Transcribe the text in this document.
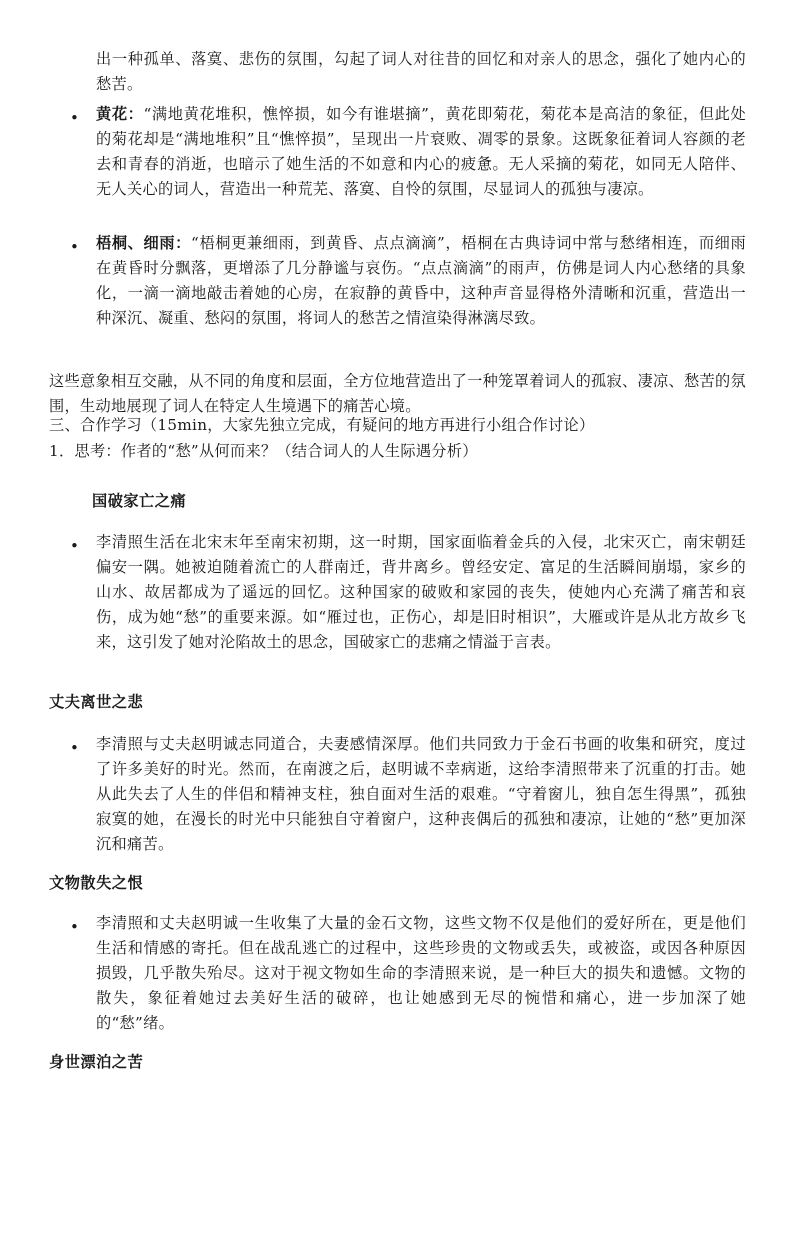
出一种孤单、落寞、悲伤的氛围，勾起了词人对往昔的回忆和对亲人的思念，强化了她内心的愁苦。
• 黄花：“满地黄花堆积，憔悴损，如今有谁堪摘”，黄花即菊花，菊花本是高洁的象征，但此处的菊花却是“满地堆积”且“憔悴损”，呈现出一片衰败、凋零的景象。这既象征着词人容颜的老去和青春的消逝，也暗示了她生活的不如意和内心的疲惫。无人采摘的菊花，如同无人陪伴、无人关心的词人，营造出一种荒芜、落寞、自怜的氛围，尽显词人的孤独与凄凉。
• 梧桐、细雨：“梧桐更兼细雨，到黄昏、点点滴滴”，梧桐在古典诗词中常与愁绪相连，而细雨在黄昏时分飘落，更增添了几分静谧与哀伤。“点点滴滴”的雨声，仿佛是词人内心愁绪的具象化，一滴一滴地敲击着她的心房，在寂静的黄昏中，这种声音显得格外清晰和沉重，营造出一种深沉、凝重、愁闷的氛围，将词人的愁苦之情渲染得淋漓尽致。
这些意象相互交融，从不同的角度和层面，全方位地营造出了一种笼罩着词人的孤寂、凄凉、愁苦的氛围，生动地展现了词人在特定人生境遇下的痛苦心境。
三、合作学习（15min，大家先独立完成，有疑问的地方再进行小组合作讨论）
1．思考：作者的“愁”从何而来？（结合词人的人生际遇分析）
国破家亡之痛
• 李清照生活在北宋末年至南宋初期，这一时期，国家面临着金兵的入侵，北宋灭亡，南宋朝廷偏安一隅。她被迫随着流亡的人群南迁，背井离乡。曾经安定、富足的生活瞬间崩塌，家乡的山水、故居都成为了遥远的回忆。这种国家的破败和家园的丧失，使她内心充满了痛苦和哀伤，成为她“愁”的重要来源。如“雁过也，正伤心，却是旧时相识”，大雁或许是从北方故乡飞来，这引发了她对沦陷故土的思念，国破家亡的悲痛之情溢于言表。
丈夫离世之悲
• 李清照与丈夫赵明诚志同道合，夫妻感情深厚。他们共同致力于金石书画的收集和研究，度过了许多美好的时光。然而，在南渡之后，赵明诚不幸病逝，这给李清照带来了沉重的打击。她从此失去了人生的伴侣和精神支柱，独自面对生活的艰难。“守着窗儿，独自怎生得黑”，孤独寂寞的她，在漫长的时光中只能独自守着窗户，这种丧偶后的孤独和凄凉，让她的“愁”更加深沉和痛苦。
文物散失之恨
• 李清照和丈夫赵明诚一生收集了大量的金石文物，这些文物不仅是他们的爱好所在，更是他们生活和情感的寄托。但在战乱逃亡的过程中，这些珍贵的文物或丢失，或被盗，或因各种原因损毁，几乎散失殆尽。这对于视文物如生命的李清照来说，是一种巨大的损失和遗憾。文物的散失，象征着她过去美好生活的破碎，也让她感到无尽的惋惜和痛心，进一步加深了她的“愁”绪。
身世漂泊之苦
